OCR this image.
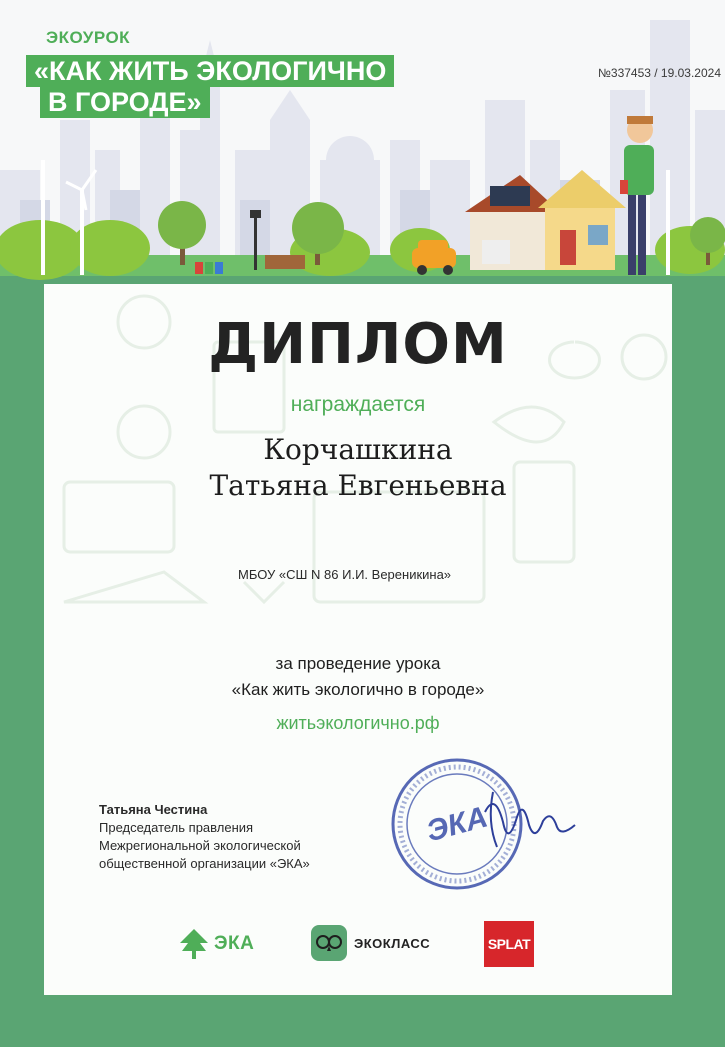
ЭКОУРОК
«КАК ЖИТЬ ЭКОЛОГИЧНО
В ГОРОДЕ»
№337453 / 19.03.2024
ДИПЛОМ
награждается
Корчашкина
Татьяна Евгеньевна
МБОУ «СШ N 86 И.И. Вереникина»
за проведение урока
«Как жить экологично в городе»
житьэкологично.рф
Татьяна Честина
Председатель правления
Межрегиональной экологической
общественной организации «ЭКА»
ЭКА
ЭКА	ЭКОКЛАСС	SPLAT
